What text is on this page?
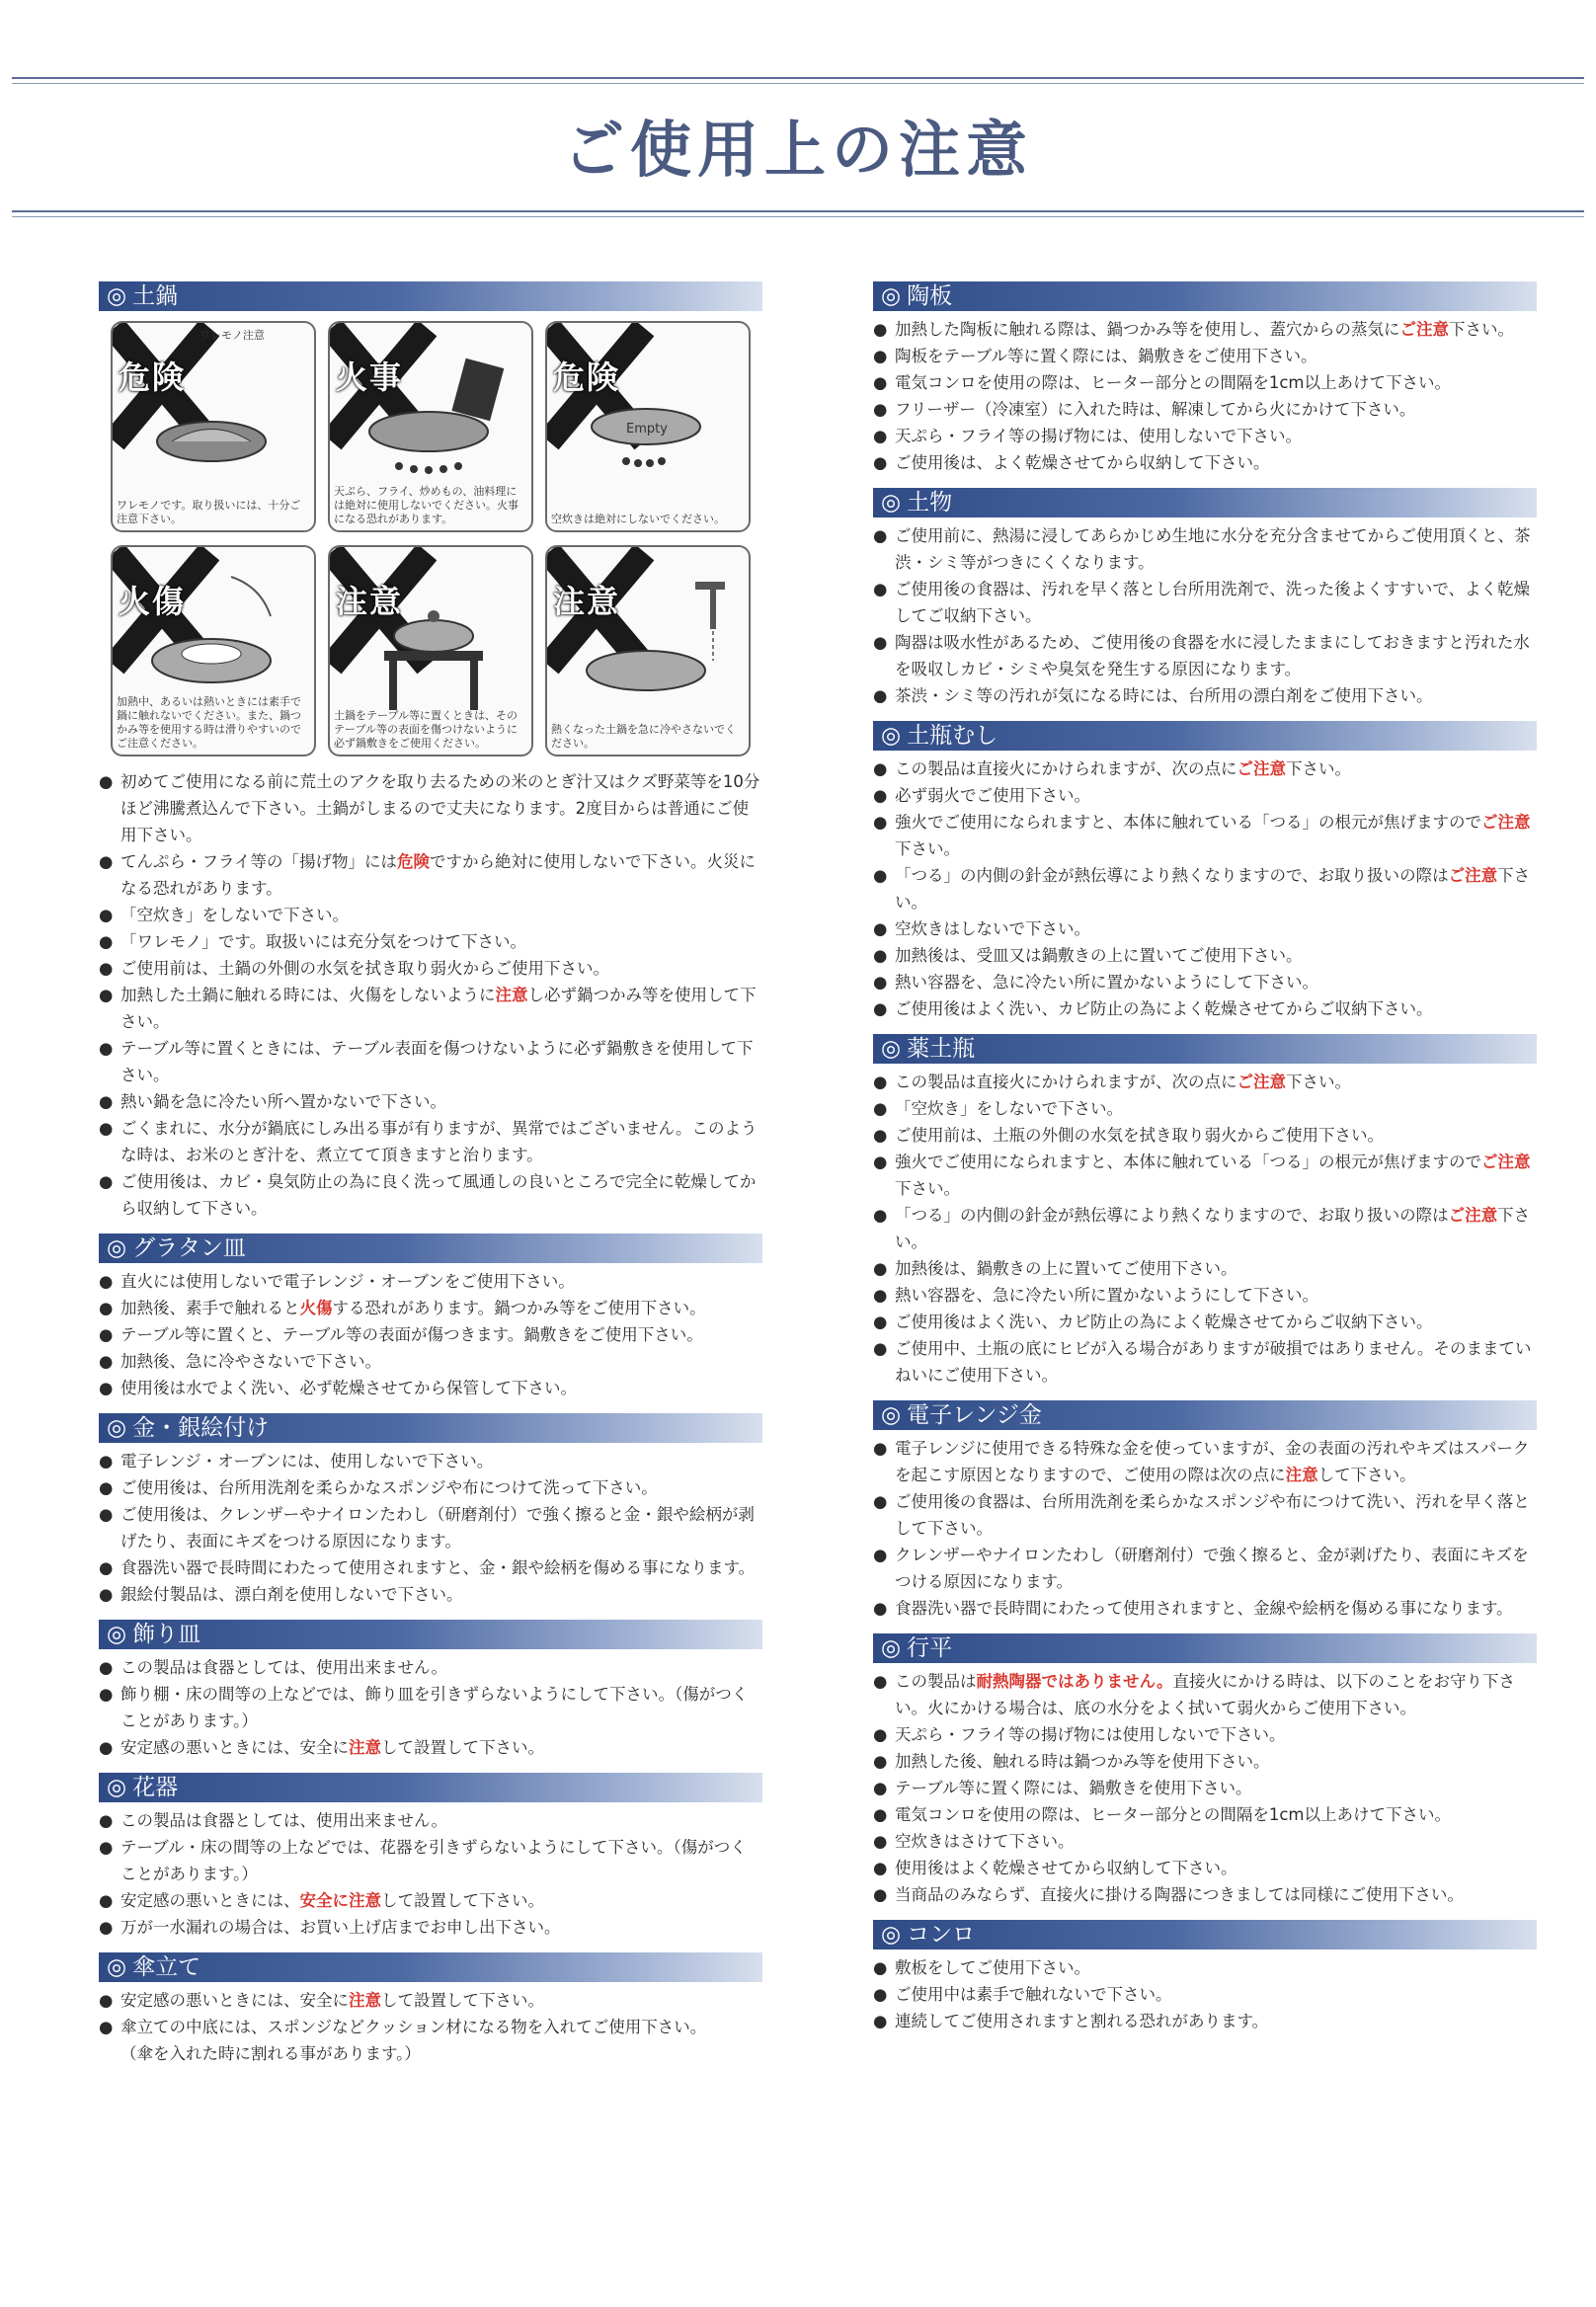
ご使用上の注意
◎ 土鍋
危険
ワレモノ注意
ワレモノです。取り扱いには、十分ご注意下さい。
火事
天ぷら、フライ、炒めもの、油料理には絶対に使用しないでください。火事になる恐れがあります。
危険
Empty
空炊きは絶対にしないでください。
火傷
加熱中、あるいは熱いときには素手で鍋に触れないでください。また、鍋つかみ等を使用する時は滑りやすいのでご注意ください。
注意
土鍋をテーブル等に置くときは、そのテーブル等の表面を傷つけないように必ず鍋敷きをご使用ください。
注意
熱くなった土鍋を急に冷やさないでください。
● 初めてご使用になる前に荒土のアクを取り去るための米のとぎ汁又はクズ野菜等を10分ほど沸騰煮込んで下さい。土鍋がしまるので丈夫になります。2度目からは普通にご使用下さい。
● てんぷら・フライ等の「揚げ物」には危険ですから絶対に使用しないで下さい。火災になる恐れがあります。
● 「空炊き」をしないで下さい。
● 「ワレモノ」です。取扱いには充分気をつけて下さい。
● ご使用前は、土鍋の外側の水気を拭き取り弱火からご使用下さい。
● 加熱した土鍋に触れる時には、火傷をしないように注意し必ず鍋つかみ等を使用して下さい。
● テーブル等に置くときには、テーブル表面を傷つけないように必ず鍋敷きを使用して下さい。
● 熱い鍋を急に冷たい所へ置かないで下さい。
● ごくまれに、水分が鍋底にしみ出る事が有りますが、異常ではございません。このような時は、お米のとぎ汁を、煮立てて頂きますと治ります。
● ご使用後は、カビ・臭気防止の為に良く洗って風通しの良いところで完全に乾燥してから収納して下さい。
◎ グラタン皿
● 直火には使用しないで電子レンジ・オーブンをご使用下さい。
● 加熱後、素手で触れると火傷する恐れがあります。鍋つかみ等をご使用下さい。
● テーブル等に置くと、テーブル等の表面が傷つきます。鍋敷きをご使用下さい。
● 加熱後、急に冷やさないで下さい。
● 使用後は水でよく洗い、必ず乾燥させてから保管して下さい。
◎ 金・銀絵付け
● 電子レンジ・オーブンには、使用しないで下さい。
● ご使用後は、台所用洗剤を柔らかなスポンジや布につけて洗って下さい。
● ご使用後は、クレンザーやナイロンたわし（研磨剤付）で強く擦ると金・銀や絵柄が剥げたり、表面にキズをつける原因になります。
● 食器洗い器で長時間にわたって使用されますと、金・銀や絵柄を傷める事になります。
● 銀絵付製品は、漂白剤を使用しないで下さい。
◎ 飾り皿
● この製品は食器としては、使用出来ません。
● 飾り棚・床の間等の上などでは、飾り皿を引きずらないようにして下さい。（傷がつくことがあります。）
● 安定感の悪いときには、安全に注意して設置して下さい。
◎ 花器
● この製品は食器としては、使用出来ません。
● テーブル・床の間等の上などでは、花器を引きずらないようにして下さい。（傷がつくことがあります。）
● 安定感の悪いときには、安全に注意して設置して下さい。
● 万が一水漏れの場合は、お買い上げ店までお申し出下さい。
◎ 傘立て
● 安定感の悪いときには、安全に注意して設置して下さい。
● 傘立ての中底には、スポンジなどクッション材になる物を入れてご使用下さい。
（傘を入れた時に割れる事があります。）
◎ 陶板
● 加熱した陶板に触れる際は、鍋つかみ等を使用し、蓋穴からの蒸気にご注意下さい。
● 陶板をテーブル等に置く際には、鍋敷きをご使用下さい。
● 電気コンロを使用の際は、ヒーター部分との間隔を1cm以上あけて下さい。
● フリーザー（冷凍室）に入れた時は、解凍してから火にかけて下さい。
● 天ぷら・フライ等の揚げ物には、使用しないで下さい。
● ご使用後は、よく乾燥させてから収納して下さい。
◎ 土物
● ご使用前に、熱湯に浸してあらかじめ生地に水分を充分含ませてからご使用頂くと、茶渋・シミ等がつきにくくなります。
● ご使用後の食器は、汚れを早く落とし台所用洗剤で、洗った後よくすすいで、よく乾燥してご収納下さい。
● 陶器は吸水性があるため、ご使用後の食器を水に浸したままにしておきますと汚れた水を吸収しカビ・シミや臭気を発生する原因になります。
● 茶渋・シミ等の汚れが気になる時には、台所用の漂白剤をご使用下さい。
◎ 土瓶むし
● この製品は直接火にかけられますが、次の点にご注意下さい。
● 必ず弱火でご使用下さい。
● 強火でご使用になられますと、本体に触れている「つる」の根元が焦げますのでご注意下さい。
● 「つる」の内側の針金が熱伝導により熱くなりますので、お取り扱いの際はご注意下さい。
● 空炊きはしないで下さい。
● 加熱後は、受皿又は鍋敷きの上に置いてご使用下さい。
● 熱い容器を、急に冷たい所に置かないようにして下さい。
● ご使用後はよく洗い、カビ防止の為によく乾燥させてからご収納下さい。
◎ 薬土瓶
● この製品は直接火にかけられますが、次の点にご注意下さい。
● 「空炊き」をしないで下さい。
● ご使用前は、土瓶の外側の水気を拭き取り弱火からご使用下さい。
● 強火でご使用になられますと、本体に触れている「つる」の根元が焦げますのでご注意下さい。
● 「つる」の内側の針金が熱伝導により熱くなりますので、お取り扱いの際はご注意下さい。
● 加熱後は、鍋敷きの上に置いてご使用下さい。
● 熱い容器を、急に冷たい所に置かないようにして下さい。
● ご使用後はよく洗い、カビ防止の為によく乾燥させてからご収納下さい。
● ご使用中、土瓶の底にヒビが入る場合がありますが破損ではありません。そのままていねいにご使用下さい。
◎ 電子レンジ金
● 電子レンジに使用できる特殊な金を使っていますが、金の表面の汚れやキズはスパークを起こす原因となりますので、ご使用の際は次の点に注意して下さい。
● ご使用後の食器は、台所用洗剤を柔らかなスポンジや布につけて洗い、汚れを早く落として下さい。
● クレンザーやナイロンたわし（研磨剤付）で強く擦ると、金が剥げたり、表面にキズをつける原因になります。
● 食器洗い器で長時間にわたって使用されますと、金線や絵柄を傷める事になります。
◎ 行平
● この製品は耐熱陶器ではありません。直接火にかける時は、以下のことをお守り下さい。火にかける場合は、底の水分をよく拭いて弱火からご使用下さい。
● 天ぷら・フライ等の揚げ物には使用しないで下さい。
● 加熱した後、触れる時は鍋つかみ等を使用下さい。
● テーブル等に置く際には、鍋敷きを使用下さい。
● 電気コンロを使用の際は、ヒーター部分との間隔を1cm以上あけて下さい。
● 空炊きはさけて下さい。
● 使用後はよく乾燥させてから収納して下さい。
● 当商品のみならず、直接火に掛ける陶器につきましては同様にご使用下さい。
◎ コンロ
● 敷板をしてご使用下さい。
● ご使用中は素手で触れないで下さい。
● 連続してご使用されますと割れる恐れがあります。
